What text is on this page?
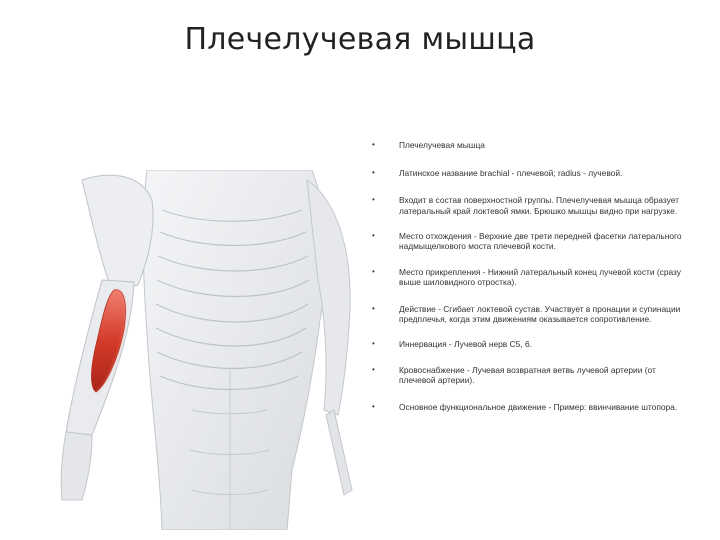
Плечелучевая мышца
•	Плечелучевая мышца
•	Латинское название brachial - плечевой; radius - лучевой.
•	Входит в состав поверхностной группы. Плечелучевая мышца образует латеральный край локтевой ямки. Брюшко мышцы видно при нагрузке.
•	Место отхождения - Верхние две трети передней фасетки латерального надмыщелкового моста плечевой кости.
•	Место прикрепления - Нижний латеральный конец лучевой кости (сразу выше шиловидного отростка).
•	Действие - Сгибает локтевой сустав. Участвует в пронации и супинации предплечья, когда этим движениям оказывается сопротивление.
•	Иннервация - Лучевой нерв C5, 6.
•	Кровоснабжение - Лучевая возвратная ветвь лучевой артерии (от плечевой артерии).
•	Основное функциональное движение - Пример: ввинчивание штопора.
